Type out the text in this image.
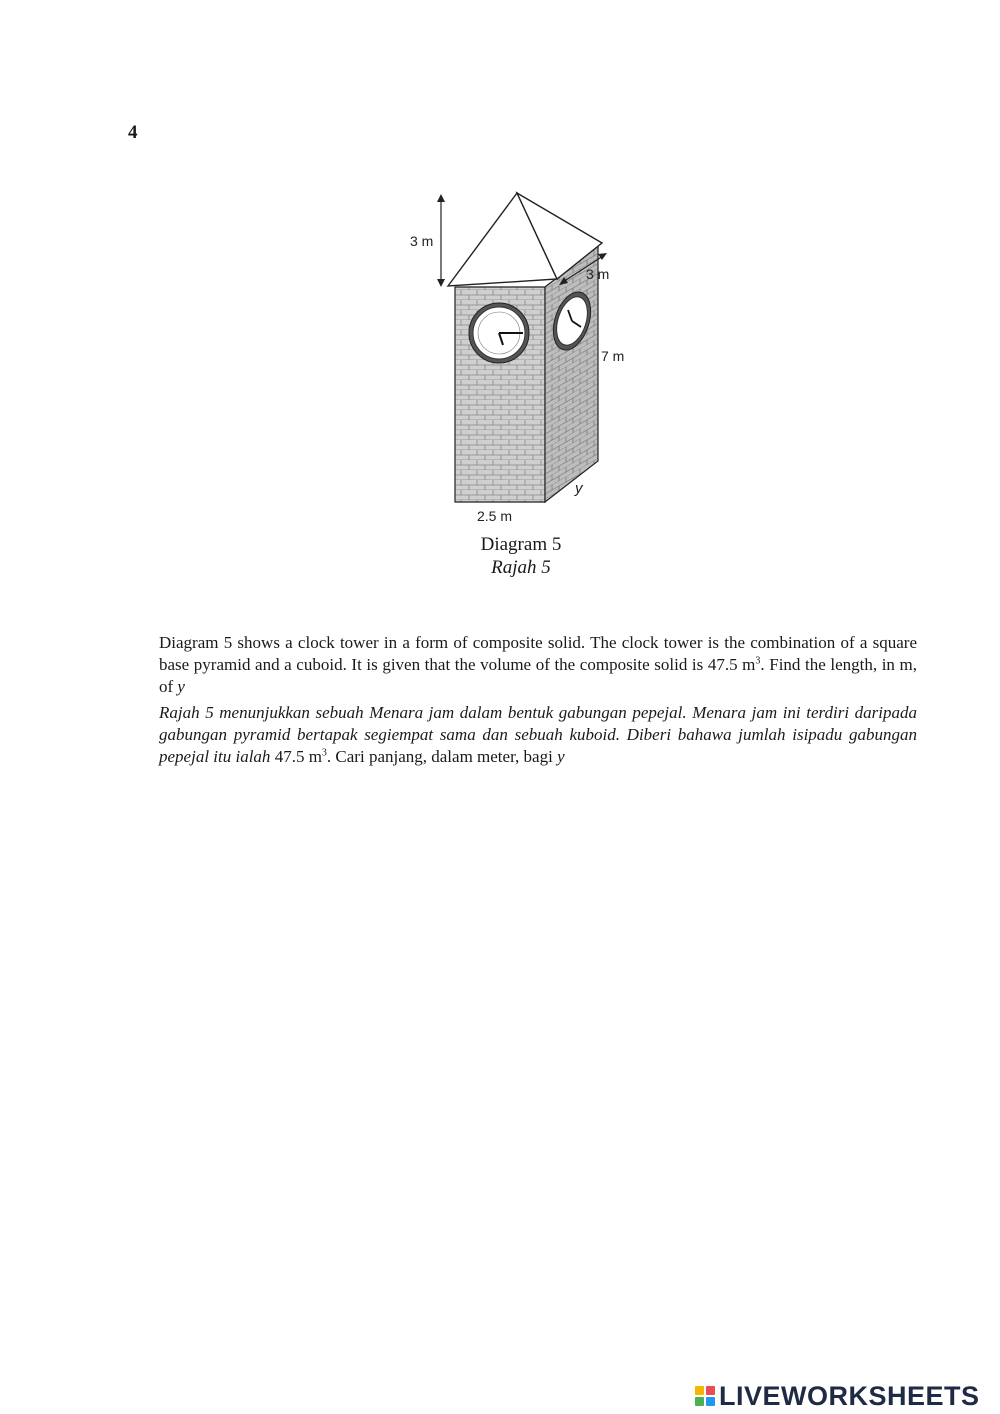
4
3 m
3 m
7 m
y
2.5 m
Diagram 5
Rajah 5
Diagram 5 shows a clock tower in a form of composite solid. The clock tower is the combination of a square base pyramid and a cuboid. It is given that the volume of the composite solid is 47.5 $m^3$. Find the length, in m, of y
Rajah 5 menunjukkan sebuah Menara jam dalam bentuk gabungan pepejal. Menara jam ini terdiri daripada gabungan pyramid bertapak segiempat sama dan sebuah kuboid. Diberi bahawa jumlah isipadu gabungan pepejal itu ialah 47.5 $m^3$. Cari panjang, dalam meter, bagi y
LIVEWORKSHEETS
